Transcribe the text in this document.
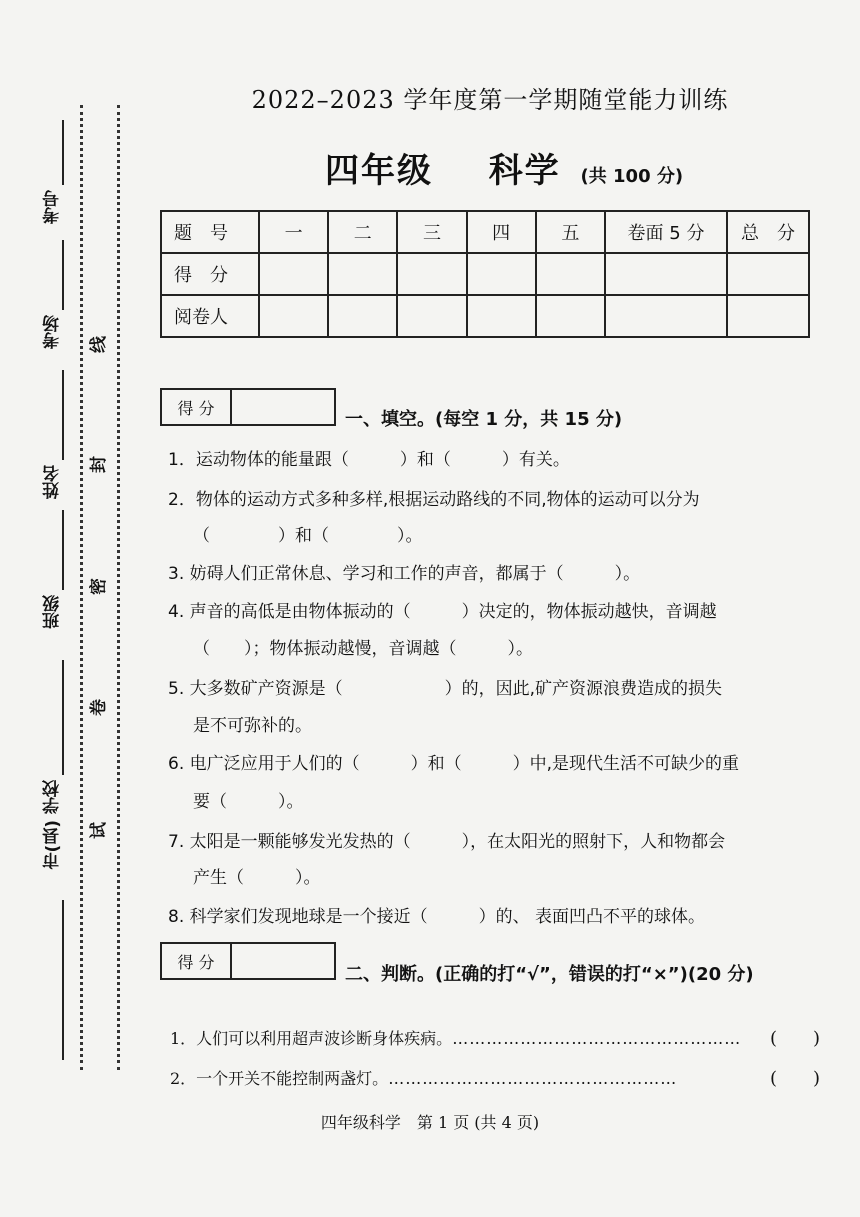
考号
考场
姓名
班级
市(县) 学校
线
封
密
卷
试
2022–2023 学年度第一学期随堂能力训练
四年级 科学 (共 100 分)
题　号	一	二	三	四	五	卷面 5 分	总　分
得　分							
阅卷人							
得 分
一、填空。(每空 1 分，共 15 分)
1．运动物体的能量跟（　　　）和（　　　）有关。
2．物体的运动方式多种多样,根据运动路线的不同,物体的运动可以分为
（　　　　）和（　　　　）。
3. 妨碍人们正常休息、学习和工作的声音，都属于（　　　）。
4. 声音的高低是由物体振动的（　　　）决定的，物体振动越快，音调越
（　　）；物体振动越慢，音调越（　　　）。
5. 大多数矿产资源是（　　　　　　）的，因此,矿产资源浪费造成的损失
是不可弥补的。
6. 电广泛应用于人们的（　　　）和（　　　）中,是现代生活不可缺少的重
要（　　　）。
7. 太阳是一颗能够发光发热的（　　　），在太阳光的照射下，人和物都会
产生（　　　）。
8. 科学家们发现地球是一个接近（　　　）的、 表面凹凸不平的球体。
得 分
二、判断。(正确的打“√”，错误的打“×”)(20 分)
1．人们可以利用超声波诊断身体疾病。…………………………………………… (　　)
2．一个开关不能控制两盏灯。……………………………………………	(　　)
四年级科学　第 1 页 (共 4 页)
